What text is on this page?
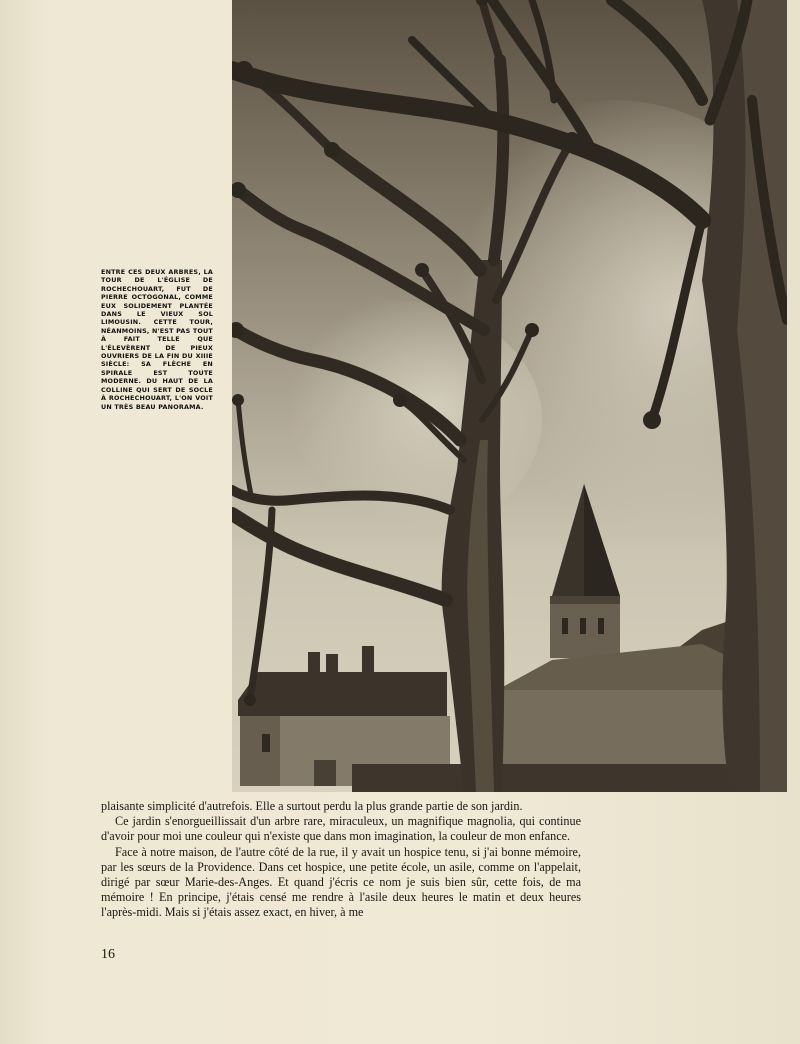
ENTRE CES DEUX ARBRES, LA TOUR DE L'ÉGLISE DE ROCHECHOUART, FUT DE PIERRE OCTOGONAL, COMME EUX SOLIDEMENT PLANTÉE DANS LE VIEUX SOL LIMOUSIN. CETTE TOUR, NÉANMOINS, N'EST PAS TOUT À FAIT TELLE QUE L'ÉLEVÈRENT DE PIEUX OUVRIERS DE LA FIN DU XIIIE SIÈCLE: SA FLÈCHE EN SPIRALE EST TOUTE MODERNE. DU HAUT DE LA COLLINE QUI SERT DE SOCLE À ROCHECHOUART, L'ON VOIT UN TRÈS BEAU PANORAMA.

plaisante simplicité d'autrefois. Elle a surtout perdu la plus grande partie de son jardin.

Ce jardin s'enorgueillissait d'un arbre rare, miraculeux, un magnifique magnolia, qui continue d'avoir pour moi une couleur qui n'existe que dans mon imagination, la couleur de mon enfance.

Face à notre maison, de l'autre côté de la rue, il y avait un hospice tenu, si j'ai bonne mémoire, par les sœurs de la Providence. Dans cet hospice, une petite école, un asile, comme on l'appelait, dirigé par sœur Marie-des-Anges. Et quand j'écris ce nom je suis bien sûr, cette fois, de ma mémoire ! En principe, j'étais censé me rendre à l'asile deux heures le matin et deux heures l'après-midi. Mais si j'étais assez exact, en hiver, à me

16
